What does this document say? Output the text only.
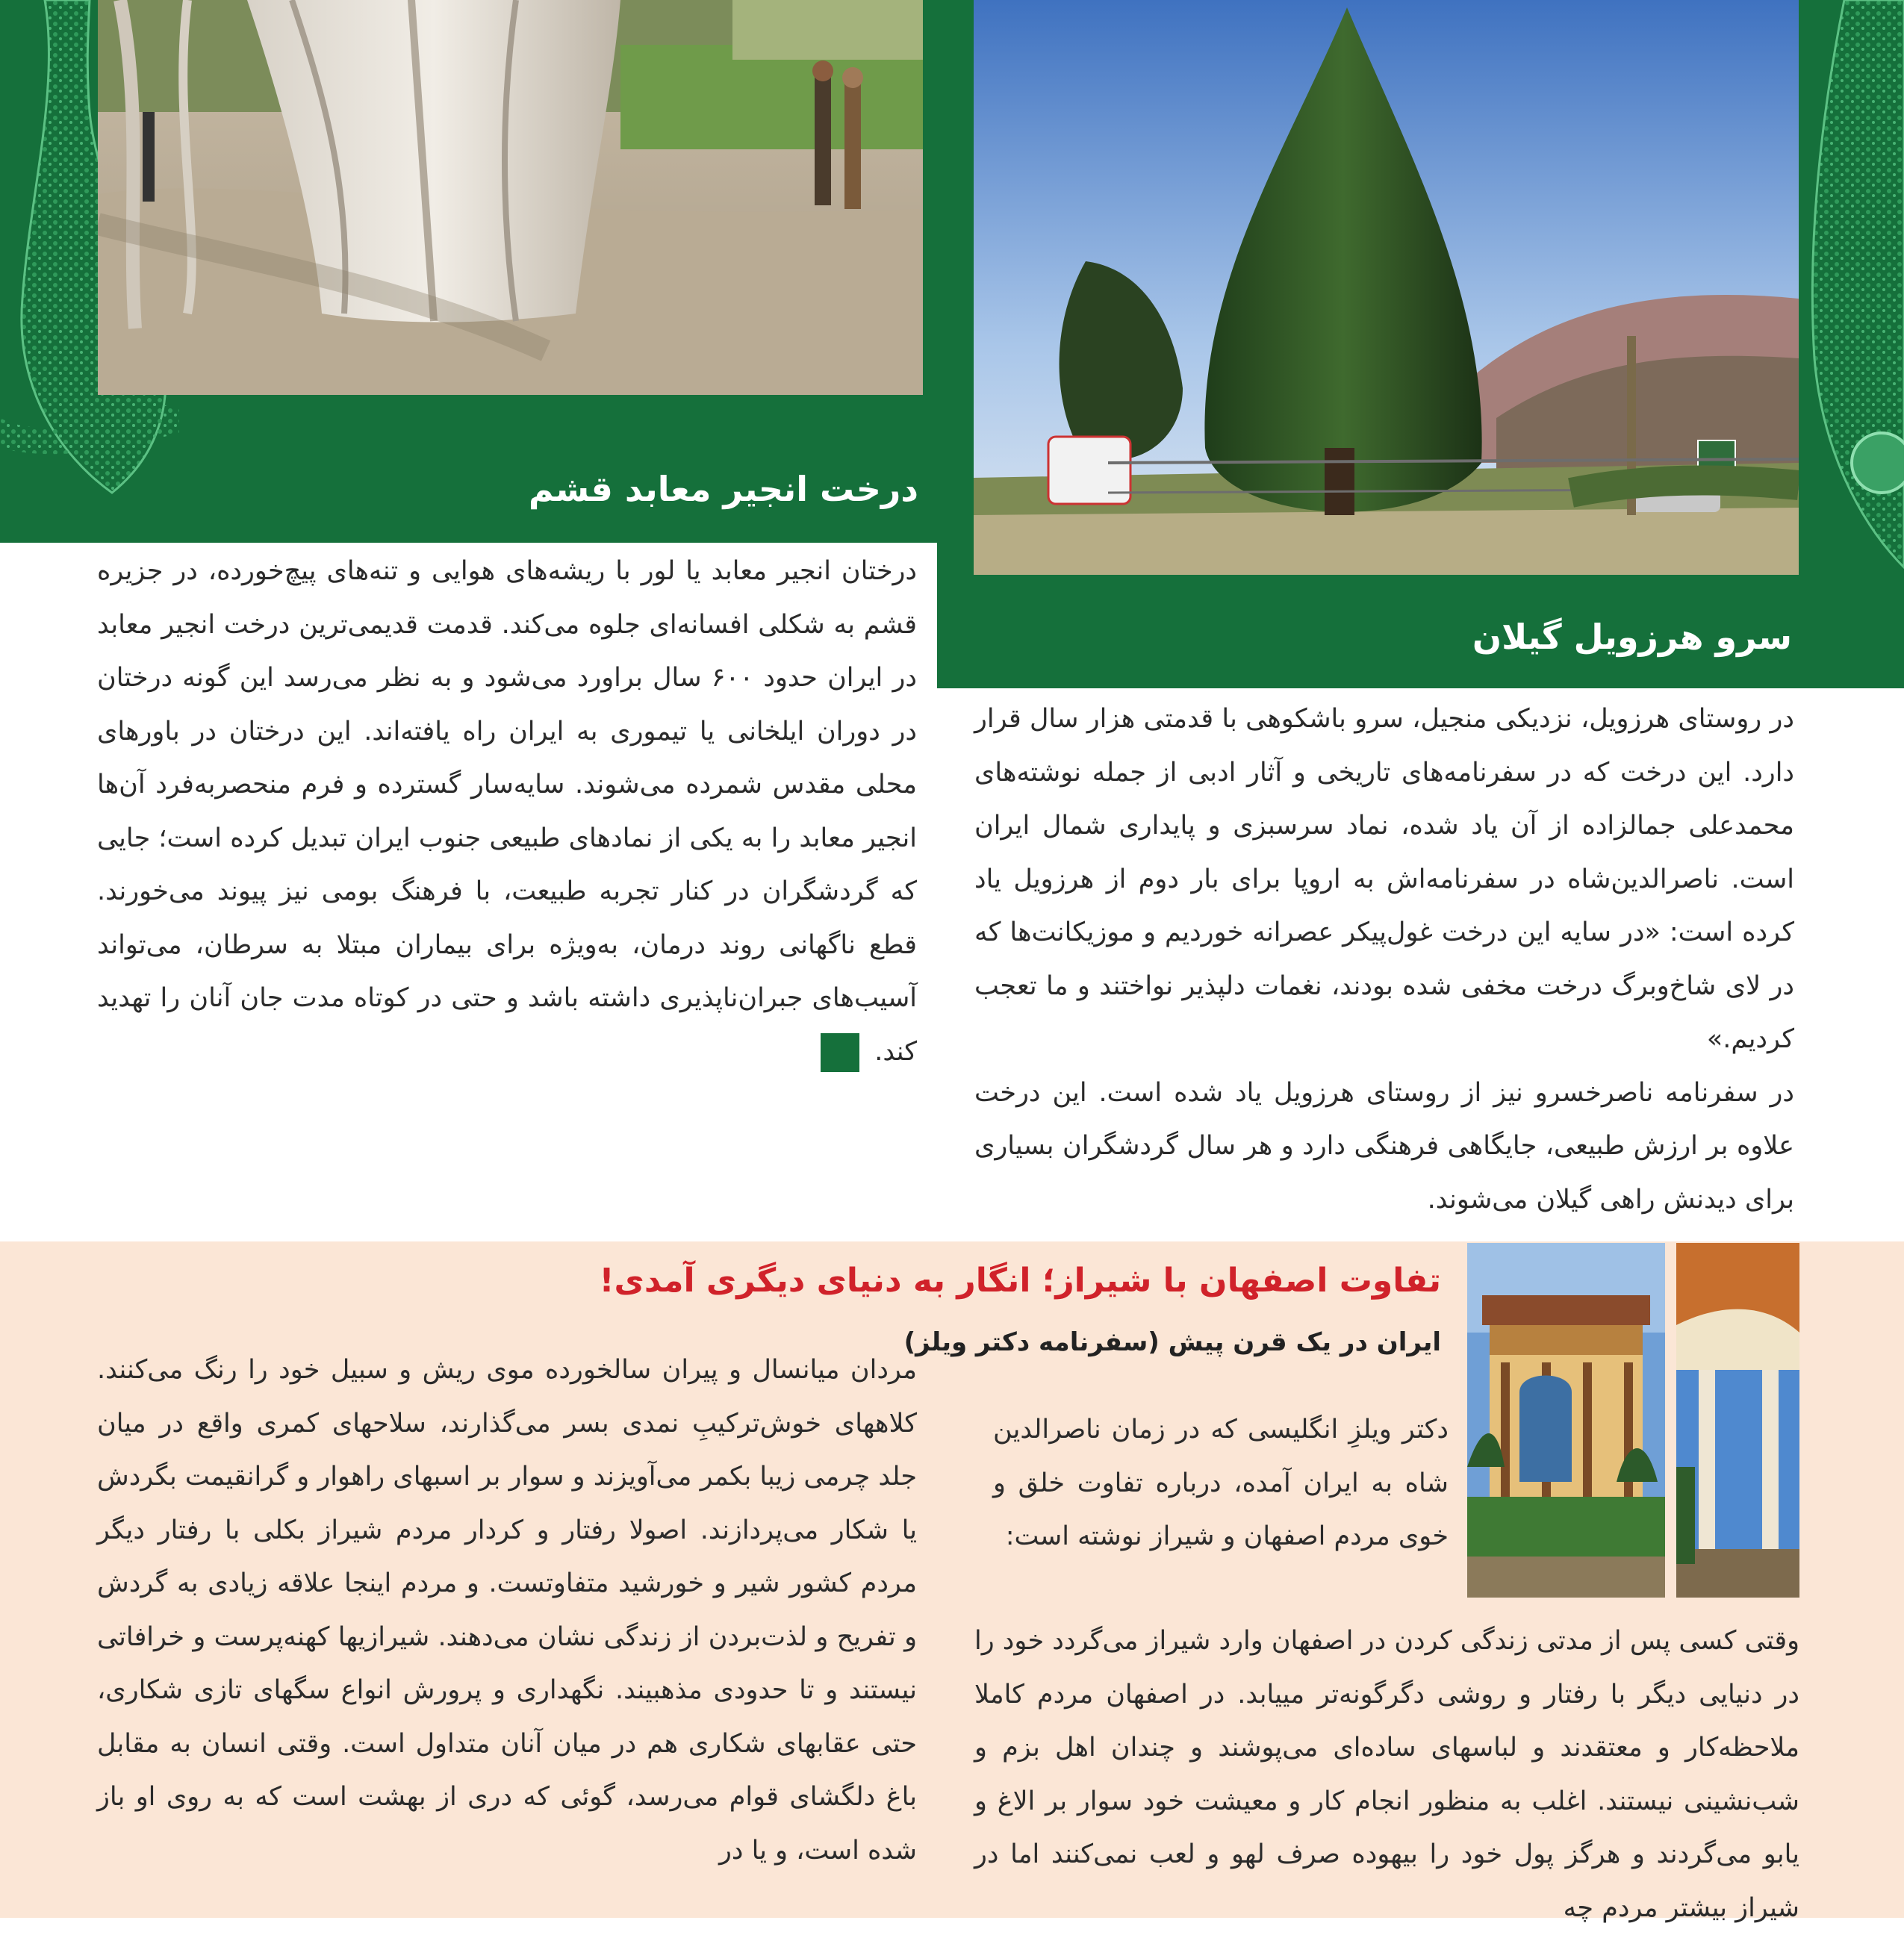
درخت انجیر معابد قشم
سرو هرزویل گیلان

درختان انجیر معابد یا لور با ریشه‌های هوایی و تنه‌های پیچ‌خورده، در جزیره قشم به شکلی افسانه‌ای جلوه می‌کند. قدمت قدیمی‌ترین درخت انجیر معابد در ایران حدود ۶۰۰ سال براورد می‌شود و به نظر می‌رسد این گونه درختان در دوران ایلخانی یا تیموری به ایران راه یافته‌اند. این درختان در باورهای محلی مقدس شمرده می‌شوند. سایه‌سار گسترده و فرم منحصربه‌فرد آن‌ها انجیر معابد را به یکی از نمادهای طبیعی جنوب ایران تبدیل کرده است؛ جایی که گردشگران در کنار تجربه طبیعت، با فرهنگ بومی نیز پیوند می‌خورند. قطع ناگهانی روند درمان، به‌ویژه برای بیماران مبتلا به سرطان، می‌تواند آسیب‌های جبران‌ناپذیری داشته باشد و حتی در کوتاه مدت جان آنان را تهدید کند.

در روستای هرزویل، نزدیکی منجیل، سرو باشکوهی با قدمتی هزار سال قرار دارد. این درخت که در سفرنامه‌های تاریخی و آثار ادبی از جمله نوشته‌های محمدعلی جمالزاده از آن یاد شده، نماد سرسبزی و پایداری شمال ایران است. ناصرالدین‌شاه در سفرنامه‌اش به اروپا برای بار دوم از هرزویل یاد کرده است: «در سایه این درخت غول‌پیکر عصرانه خوردیم و موزیکانت‌ها که در لای شاخ‌وبرگ درخت مخفی شده بودند، نغمات دلپذیر نواختند و ما تعجب کردیم.»

در سفرنامه ناصرخسرو نیز از روستای هرزویل یاد شده است. این درخت علاوه بر ارزش طبیعی، جایگاهی فرهنگی دارد و هر سال گردشگران بسیاری برای دیدنش راهی گیلان می‌شوند.

تفاوت اصفهان با شیراز؛ انگار به دنیای دیگری آمدی!
ایران در یک قرن پیش (سفرنامه دکتر ویلز)
دکتر ویلزِ انگلیسی که در زمان ناصرالدین شاه به ایران آمده، درباره تفاوت خلق و خوی مردم اصفهان و شیراز نوشته است:
وقتی کسی پس از مدتی زندگی کردن در اصفهان وارد شیراز می‌گردد خود را در دنیایی دیگر با رفتار و روشی دگرگونه‌تر مییابد. در اصفهان مردم کاملا ملاحظه‌کار و معتقدند و لباسهای ساده‌ای می‌پوشند و چندان اهل بزم و شب‌نشینی نیستند. اغلب به منظور انجام کار و معیشت خود سوار بر الاغ و یابو می‌گردند و هرگز پول خود را بیهوده صرف لهو و لعب نمی‌کنند اما در شیراز بیشتر مردم چه
مردان میانسال و پیران سالخورده موی ریش و سبیل خود را رنگ می‌کنند. کلاههای خوش‌ترکیبِ نمدی بسر می‌گذارند، سلاحهای کمری واقع در میان جلد چرمی زیبا بکمر می‌آویزند و سوار بر اسبهای راهوار و گرانقیمت بگردش یا شکار می‌پردازند. اصولا رفتار و کردار مردم شیراز بکلی با رفتار دیگر مردم کشور شیر و خورشید متفاوتست. و مردم اینجا علاقه زیادی به گردش و تفریح و لذت‌بردن از زندگی نشان می‌دهند. شیرازیها کهنه‌پرست و خرافاتی نیستند و تا حدودی مذهبیند. نگهداری و پرورش انواع سگهای تازی شکاری، حتی عقابهای شکاری هم در میان آنان متداول است. وقتی انسان به مقابل باغ دلگشای قوام می‌رسد، گوئی که دری از بهشت است که به روی او باز شده است، و یا در
